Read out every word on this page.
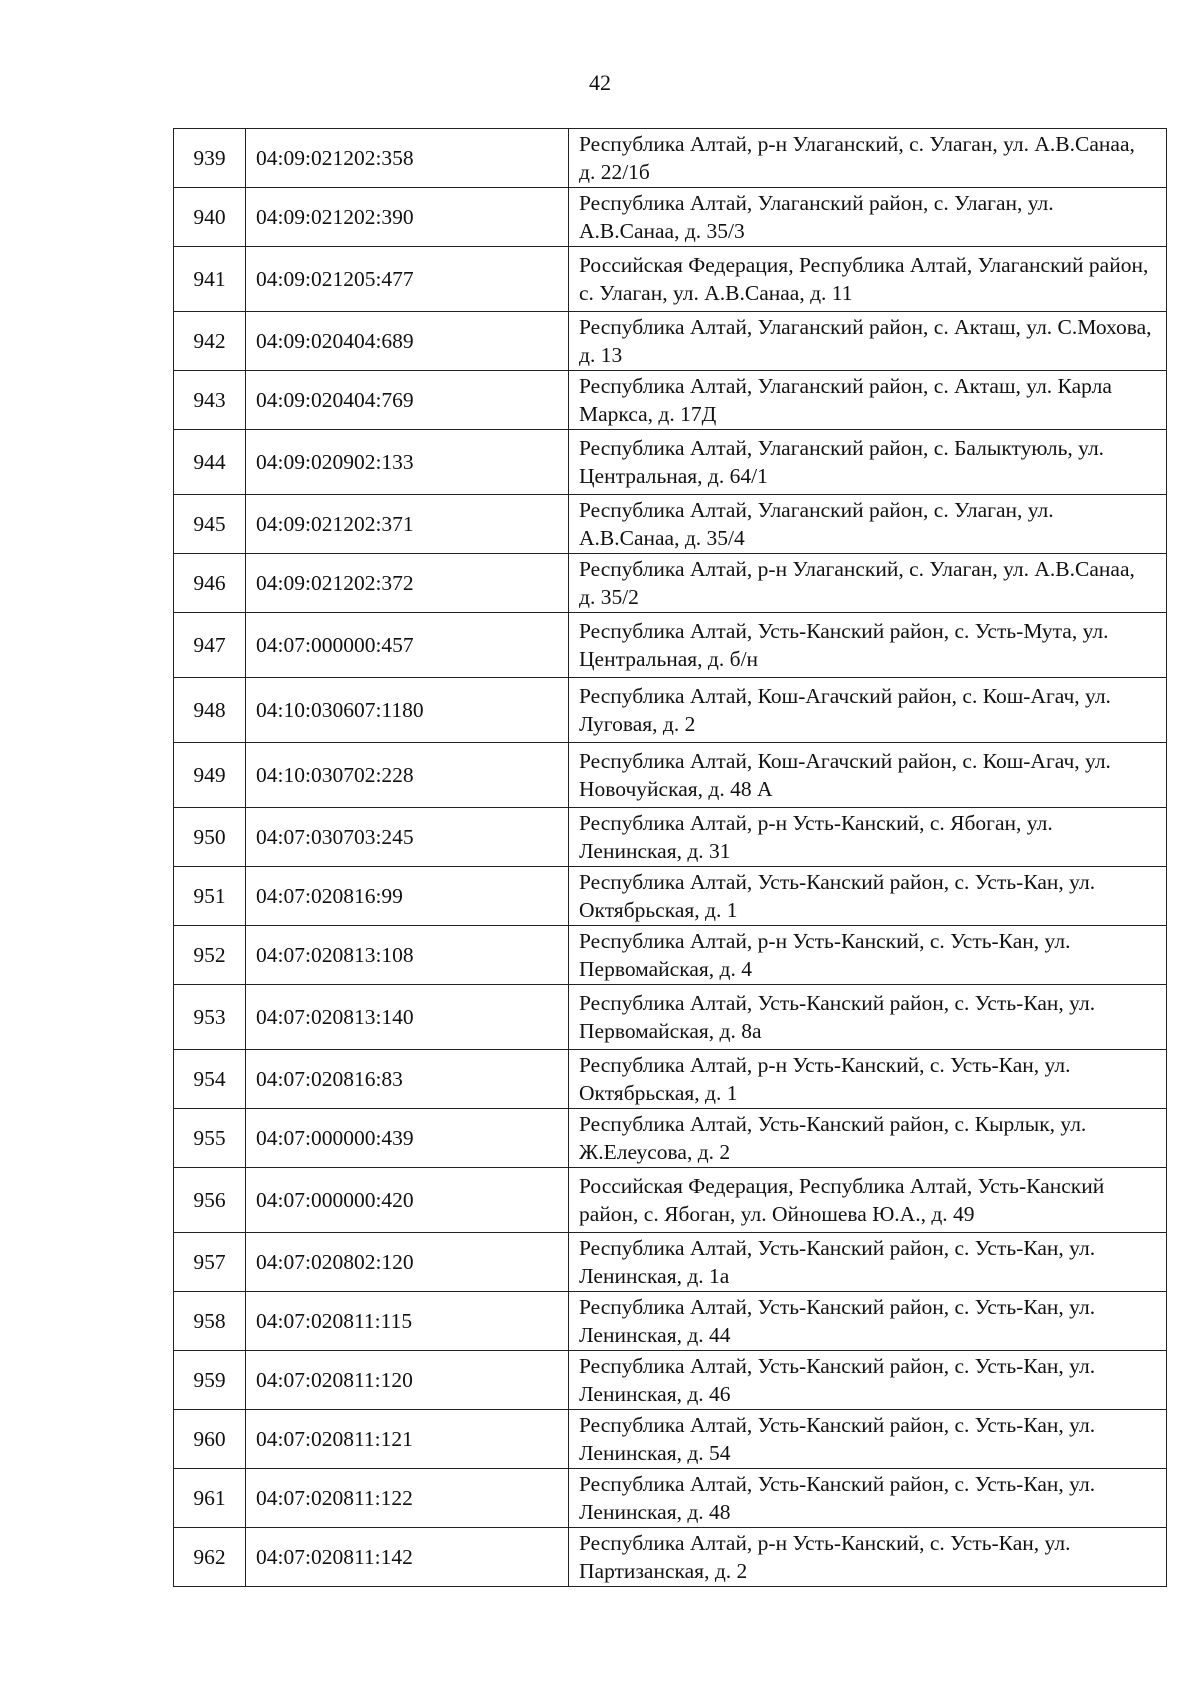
42
939	04:09:021202:358	Республика Алтай, р-н Улаганский, с. Улаган, ул. А.В.Санаа, д. 22/1б
940	04:09:021202:390	Республика Алтай, Улаганский район, с. Улаган, ул. А.В.Санаа, д. 35/3
941	04:09:021205:477	Российская Федерация, Республика Алтай, Улаганский район, с. Улаган, ул. А.В.Санаа, д. 11
942	04:09:020404:689	Республика Алтай, Улаганский район, с. Акташ, ул. С.Мохова, д. 13
943	04:09:020404:769	Республика Алтай, Улаганский район, с. Акташ, ул. Карла Маркса, д. 17Д
944	04:09:020902:133	Республика Алтай, Улаганский район, с. Балыктуюль, ул. Центральная, д. 64/1
945	04:09:021202:371	Республика Алтай, Улаганский район, с. Улаган, ул. А.В.Санаа, д. 35/4
946	04:09:021202:372	Республика Алтай, р-н Улаганский, с. Улаган, ул. А.В.Санаа, д. 35/2
947	04:07:000000:457	Республика Алтай, Усть-Канский район, с. Усть-Мута, ул. Центральная, д. б/н
948	04:10:030607:1180	Республика Алтай, Кош-Агачский район, с. Кош-Агач, ул. Луговая, д. 2
949	04:10:030702:228	Республика Алтай, Кош-Агачский район, с. Кош-Агач, ул. Новочуйская, д. 48 А
950	04:07:030703:245	Республика Алтай, р-н Усть-Канский, с. Ябоган, ул. Ленинская, д. 31
951	04:07:020816:99	Республика Алтай, Усть-Канский район, с. Усть-Кан, ул. Октябрьская, д. 1
952	04:07:020813:108	Республика Алтай, р-н Усть-Канский, с. Усть-Кан, ул. Первомайская, д. 4
953	04:07:020813:140	Республика Алтай, Усть-Канский район, с. Усть-Кан, ул. Первомайская, д. 8а
954	04:07:020816:83	Республика Алтай, р-н Усть-Канский, с. Усть-Кан, ул. Октябрьская, д. 1
955	04:07:000000:439	Республика Алтай, Усть-Канский район, с. Кырлык, ул. Ж.Елеусова, д. 2
956	04:07:000000:420	Российская Федерация, Республика Алтай, Усть-Канский район, с. Ябоган, ул. Ойношева Ю.А., д. 49
957	04:07:020802:120	Республика Алтай, Усть-Канский район, с. Усть-Кан, ул. Ленинская, д. 1а
958	04:07:020811:115	Республика Алтай, Усть-Канский район, с. Усть-Кан, ул. Ленинская, д. 44
959	04:07:020811:120	Республика Алтай, Усть-Канский район, с. Усть-Кан, ул. Ленинская, д. 46
960	04:07:020811:121	Республика Алтай, Усть-Канский район, с. Усть-Кан, ул. Ленинская, д. 54
961	04:07:020811:122	Республика Алтай, Усть-Канский район, с. Усть-Кан, ул. Ленинская, д. 48
962	04:07:020811:142	Республика Алтай, р-н Усть-Канский, с. Усть-Кан, ул. Партизанская, д. 2
